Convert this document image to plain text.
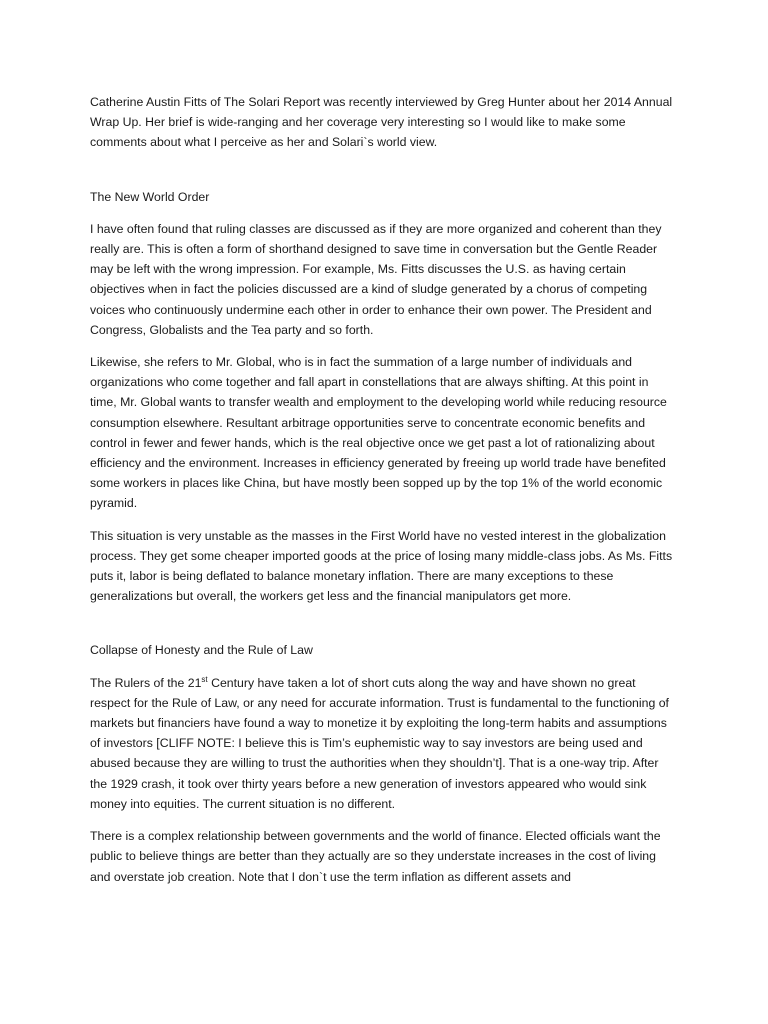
Catherine Austin Fitts of The Solari Report was recently interviewed by Greg Hunter about her 2014 Annual Wrap Up. Her brief is wide-ranging and her coverage very interesting so I would like to make some comments about what I perceive as her and Solari`s world view.

The New World Order

I have often found that ruling classes are discussed as if they are more organized and coherent than they really are. This is often a form of shorthand designed to save time in conversation but the Gentle Reader may be left with the wrong impression. For example, Ms. Fitts discusses the U.S. as having certain objectives when in fact the policies discussed are a kind of sludge generated by a chorus of competing voices who continuously undermine each other in order to enhance their own power. The President and Congress, Globalists and the Tea party and so forth.

Likewise, she refers to Mr. Global, who is in fact the summation of a large number of individuals and organizations who come together and fall apart in constellations that are always shifting. At this point in time, Mr. Global wants to transfer wealth and employment to the developing world while reducing resource consumption elsewhere. Resultant arbitrage opportunities serve to concentrate economic benefits and control in fewer and fewer hands, which is the real objective once we get past a lot of rationalizing about efficiency and the environment. Increases in efficiency generated by freeing up world trade have benefited some workers in places like China, but have mostly been sopped up by the top 1% of the world economic pyramid.

This situation is very unstable as the masses in the First World have no vested interest in the globalization process. They get some cheaper imported goods at the price of losing many middle-class jobs. As Ms. Fitts puts it, labor is being deflated to balance monetary inflation. There are many exceptions to these generalizations but overall, the workers get less and the financial manipulators get more.

Collapse of Honesty and the Rule of Law

The Rulers of the 21st Century have taken a lot of short cuts along the way and have shown no great respect for the Rule of Law, or any need for accurate information. Trust is fundamental to the functioning of markets but financiers have found a way to monetize it by exploiting the long-term habits and assumptions of investors [CLIFF NOTE: I believe this is Tim’s euphemistic way to say investors are being used and abused because they are willing to trust the authorities when they shouldn’t]. That is a one-way trip. After the 1929 crash, it took over thirty years before a new generation of investors appeared who would sink money into equities. The current situation is no different.

There is a complex relationship between governments and the world of finance. Elected officials want the public to believe things are better than they actually are so they understate increases in the cost of living and overstate job creation. Note that I don`t use the term inflation as different assets and
